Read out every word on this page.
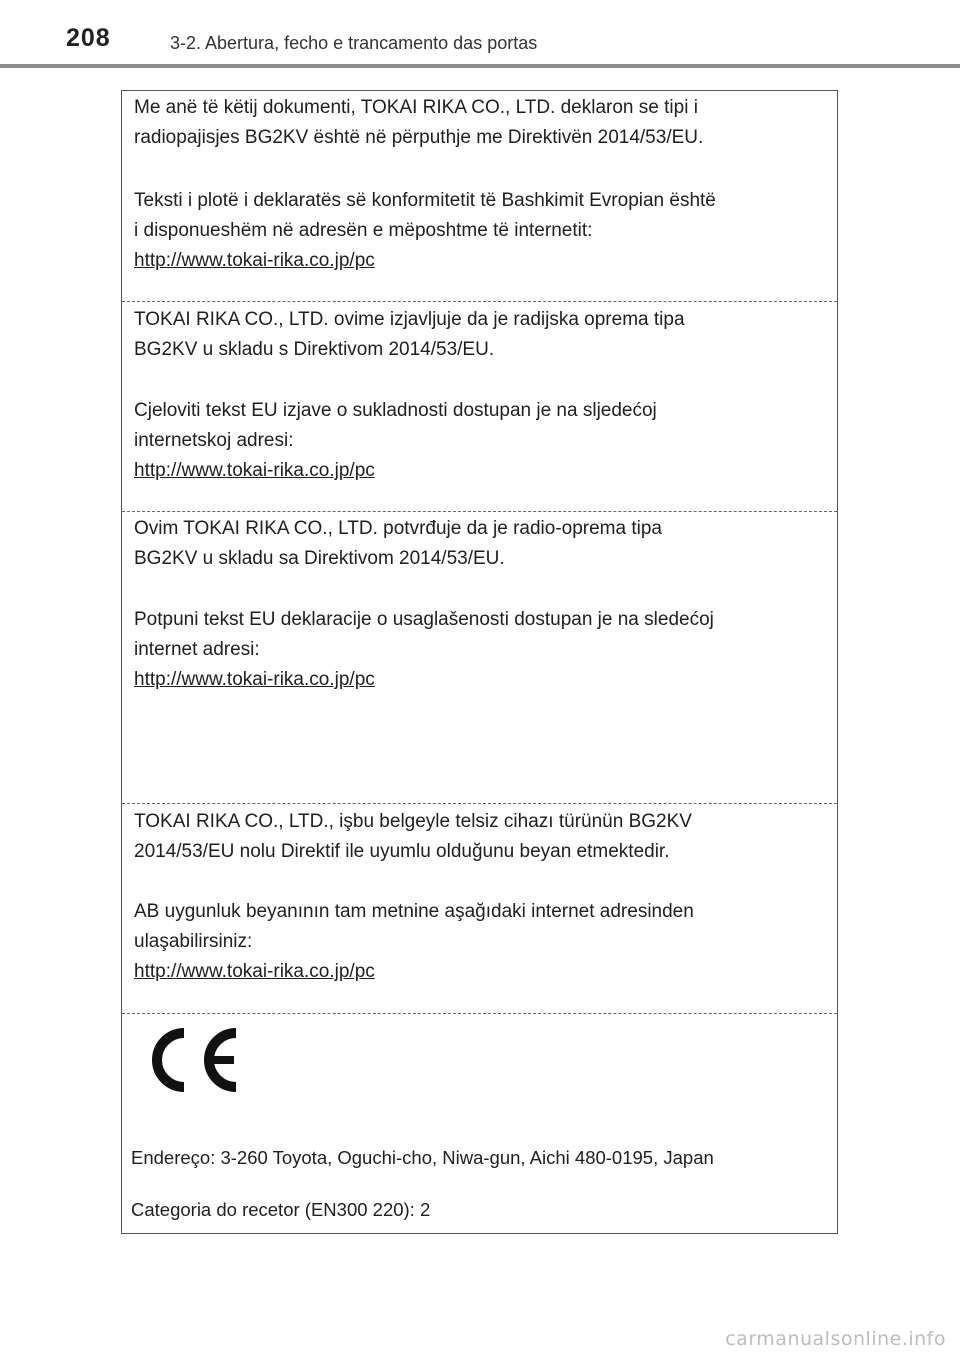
208	3-2. Abertura, fecho e trancamento das portas

Me anë të këtij dokumenti, TOKAI RIKA CO., LTD. deklaron se tipi i
radiopajisjes BG2KV është në përputhje me Direktivën 2014/53/EU.

Teksti i plotë i deklaratës së konformitetit të Bashkimit Evropian është
i disponueshëm në adresën e mëposhtme të internetit:
http://www.tokai-rika.co.jp/pc

TOKAI RIKA CO., LTD. ovime izjavljuje da je radijska oprema tipa
BG2KV u skladu s Direktivom 2014/53/EU.

Cjeloviti tekst EU izjave o sukladnosti dostupan je na sljedećoj
internetskoj adresi:
http://www.tokai-rika.co.jp/pc

Ovim TOKAI RIKA CO., LTD. potvrđuje da je radio-oprema tipa
BG2KV u skladu sa Direktivom 2014/53/EU.

Potpuni tekst EU deklaracije o usaglašenosti dostupan je na sledećoj
internet adresi:
http://www.tokai-rika.co.jp/pc

TOKAI RIKA CO., LTD., işbu belgeyle telsiz cihazı türünün BG2KV
2014/53/EU nolu Direktif ile uyumlu olduğunu beyan etmektedir.

AB uygunluk beyanının tam metnine aşağıdaki internet adresinden
ulaşabilirsiniz:
http://www.tokai-rika.co.jp/pc

Endereço: 3-260 Toyota, Oguchi-cho, Niwa-gun, Aichi 480-0195, Japan
Categoria do recetor (EN300 220): 2
carmanualsonline.info
